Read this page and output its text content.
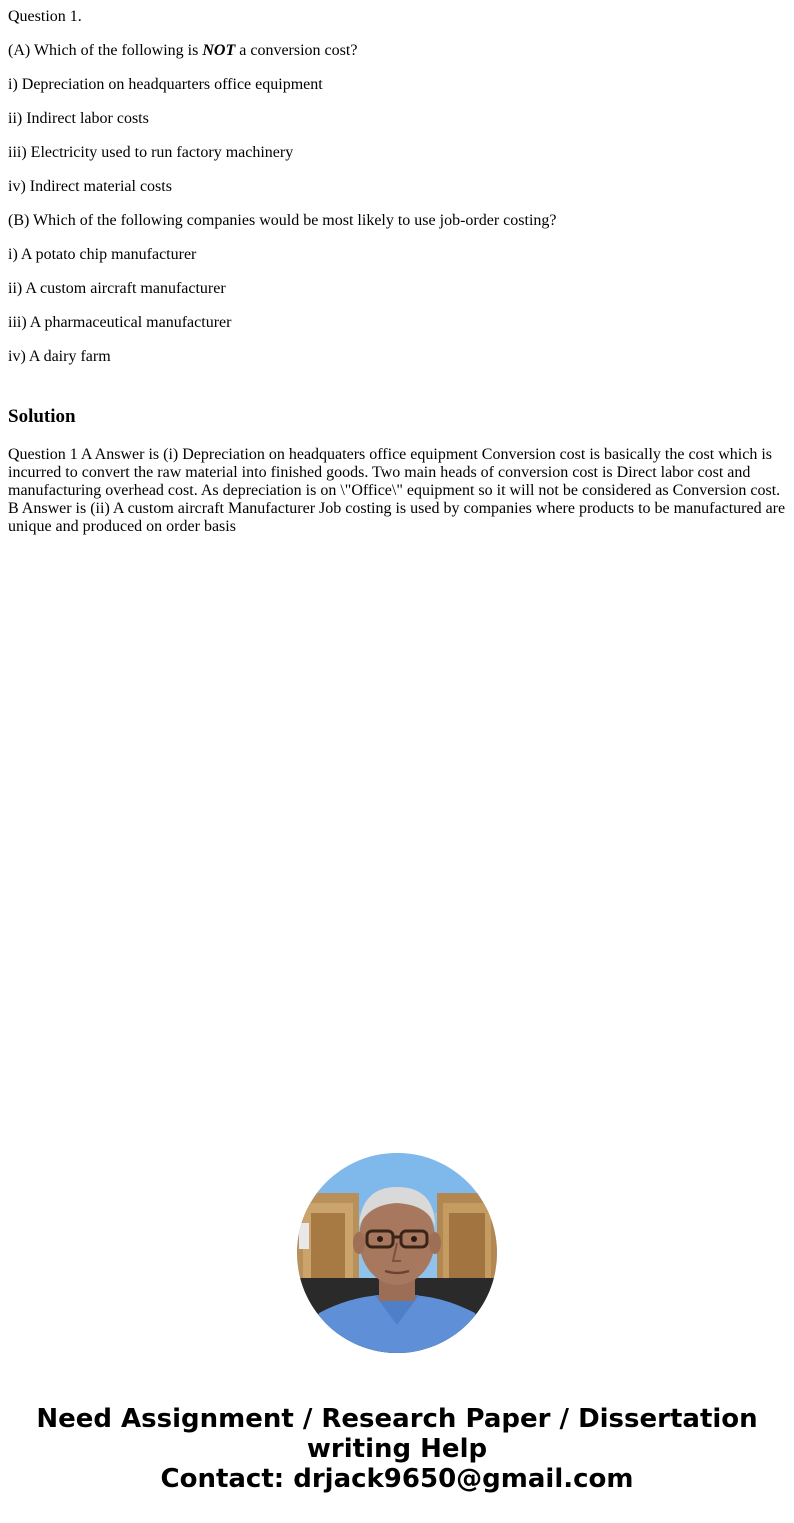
Question 1.

(A) Which of the following is NOT a conversion cost?

i) Depreciation on headquarters office equipment

ii) Indirect labor costs

iii) Electricity used to run factory machinery

iv) Indirect material costs

(B) Which of the following companies would be most likely to use job-order costing?

i) A potato chip manufacturer

ii) A custom aircraft manufacturer

iii) A pharmaceutical manufacturer

iv) A dairy farm

Solution

Question 1 A Answer is (i) Depreciation on headquaters office equipment Conversion cost is basically the cost which is incurred to convert the raw material into finished goods. Two main heads of conversion cost is Direct labor cost and manufacturing overhead cost. As depreciation is on \"Office\" equipment so it will not be considered as Conversion cost. B Answer is (ii) A custom aircraft Manufacturer Job costing is used by companies where products to be manufactured are unique and produced on order basis

Need Assignment / Research Paper / Dissertation
writing Help
Contact: drjack9650@gmail.com
